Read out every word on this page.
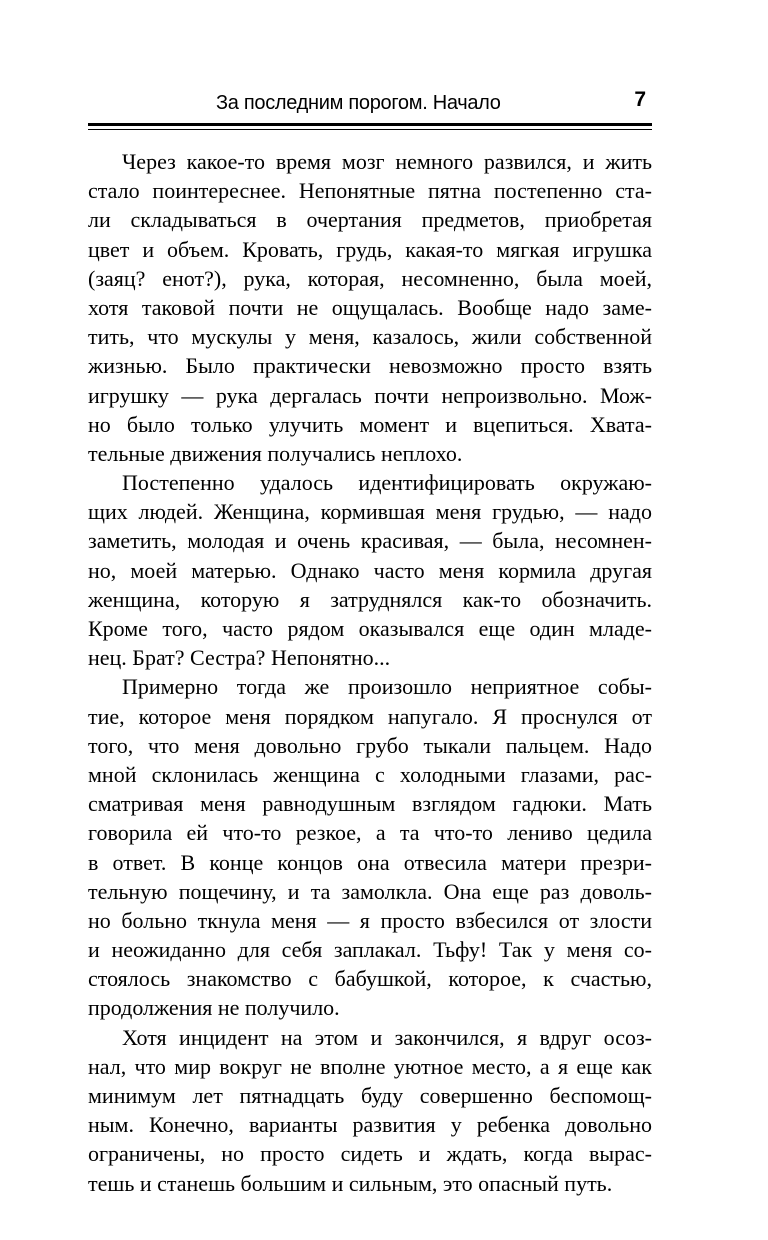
За последним порогом. Начало	7
Через какое-то время мозг немного развился, и жить
стало поинтереснее. Непонятные пятна постепенно ста-
ли складываться в очертания предметов, приобретая
цвет и объем. Кровать, грудь, какая-то мягкая игрушка
(заяц? енот?), рука, которая, несомненно, была моей,
хотя таковой почти не ощущалась. Вообще надо заме-
тить, что мускулы у меня, казалось, жили собственной
жизнью. Было практически невозможно просто взять
игрушку — рука дергалась почти непроизвольно. Мож-
но было только улучить момент и вцепиться. Хвата-
тельные движения получались неплохо.
Постепенно удалось идентифицировать окружаю-
щих людей. Женщина, кормившая меня грудью, — надо
заметить, молодая и очень красивая, — была, несомнен-
но, моей матерью. Однако часто меня кормила другая
женщина, которую я затруднялся как-то обозначить.
Кроме того, часто рядом оказывался еще один младе-
нец. Брат? Сестра? Непонятно...
Примерно тогда же произошло неприятное собы-
тие, которое меня порядком напугало. Я проснулся от
того, что меня довольно грубо тыкали пальцем. Надо
мной склонилась женщина с холодными глазами, рас-
сматривая меня равнодушным взглядом гадюки. Мать
говорила ей что-то резкое, а та что-то лениво цедила
в ответ. В конце концов она отвесила матери презри-
тельную пощечину, и та замолкла. Она еще раз доволь-
но больно ткнула меня — я просто взбесился от злости
и неожиданно для себя заплакал. Тьфу! Так у меня со-
стоялось знакомство с бабушкой, которое, к счастью,
продолжения не получило.
Хотя инцидент на этом и закончился, я вдруг осоз-
нал, что мир вокруг не вполне уютное место, а я еще как
минимум лет пятнадцать буду совершенно беспомощ-
ным. Конечно, варианты развития у ребенка довольно
ограничены, но просто сидеть и ждать, когда вырас-
тешь и станешь большим и сильным, это опасный путь.
